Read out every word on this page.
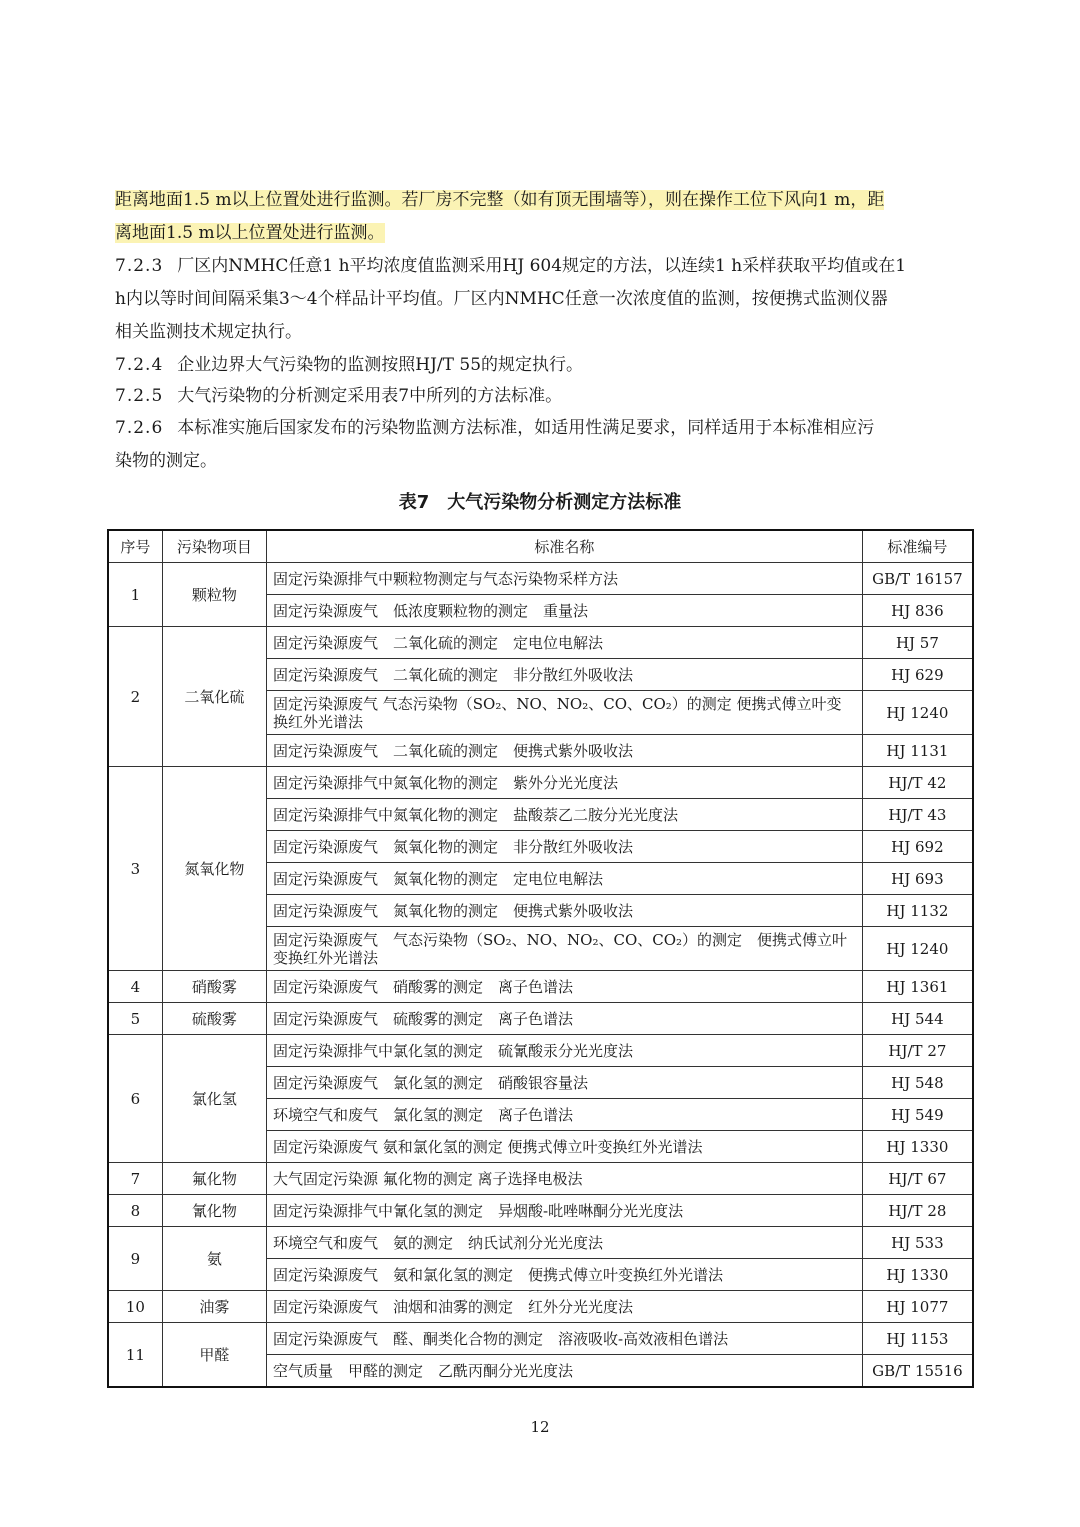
距离地面1.5 m以上位置处进行监测。若厂房不完整（如有顶无围墙等），则在操作工位下风向1 m，距
离地面1.5 m以上位置处进行监测。
7.2.3 厂区内NMHC任意1 h平均浓度值监测采用HJ 604规定的方法，以连续1 h采样获取平均值或在1
h内以等时间间隔采集3～4个样品计平均值。厂区内NMHC任意一次浓度值的监测，按便携式监测仪器
相关监测技术规定执行。
7.2.4 企业边界大气污染物的监测按照HJ/T 55的规定执行。
7.2.5 大气污染物的分析测定采用表7中所列的方法标准。
7.2.6 本标准实施后国家发布的污染物监测方法标准，如适用性满足要求，同样适用于本标准相应污
染物的测定。
表7 大气污染物分析测定方法标准
序号	污染物项目	标准名称	标准编号
1	颗粒物	固定污染源排气中颗粒物测定与气态污染物采样方法	GB/T 16157
		固定污染源废气　低浓度颗粒物的测定　重量法	HJ 836
2	二氧化硫	固定污染源废气　二氧化硫的测定　定电位电解法	HJ 57
		固定污染源废气　二氧化硫的测定　非分散红外吸收法	HJ 629
		固定污染源废气 气态污染物（SO₂、NO、NO₂、CO、CO₂）的测定 便携式傅立叶变换红外光谱法	HJ 1240
		固定污染源废气　二氧化硫的测定　便携式紫外吸收法	HJ 1131
3	氮氧化物	固定污染源排气中氮氧化物的测定　紫外分光光度法	HJ/T 42
		固定污染源排气中氮氧化物的测定　盐酸萘乙二胺分光光度法	HJ/T 43
		固定污染源废气　氮氧化物的测定　非分散红外吸收法	HJ 692
		固定污染源废气　氮氧化物的测定　定电位电解法	HJ 693
		固定污染源废气　氮氧化物的测定　便携式紫外吸收法	HJ 1132
		固定污染源废气　气态污染物（SO₂、NO、NO₂、CO、CO₂）的测定　便携式傅立叶变换红外光谱法	HJ 1240
4	硝酸雾	固定污染源废气　硝酸雾的测定　离子色谱法	HJ 1361
5	硫酸雾	固定污染源废气　硫酸雾的测定　离子色谱法	HJ 544
6	氯化氢	固定污染源排气中氯化氢的测定　硫氰酸汞分光光度法	HJ/T 27
		固定污染源废气　氯化氢的测定　硝酸银容量法	HJ 548
		环境空气和废气　氯化氢的测定　离子色谱法	HJ 549
		固定污染源废气 氨和氯化氢的测定 便携式傅立叶变换红外光谱法	HJ 1330
7	氟化物	大气固定污染源 氟化物的测定 离子选择电极法	HJ/T 67
8	氰化物	固定污染源排气中氰化氢的测定　异烟酸-吡唑啉酮分光光度法	HJ/T 28
9	氨	环境空气和废气　氨的测定　纳氏试剂分光光度法	HJ 533
		固定污染源废气　氨和氯化氢的测定　便携式傅立叶变换红外光谱法	HJ 1330
10	油雾	固定污染源废气　油烟和油雾的测定　红外分光光度法	HJ 1077
11	甲醛	固定污染源废气　醛、酮类化合物的测定　溶液吸收-高效液相色谱法	HJ 1153
		空气质量　甲醛的测定　乙酰丙酮分光光度法	GB/T 15516
12
